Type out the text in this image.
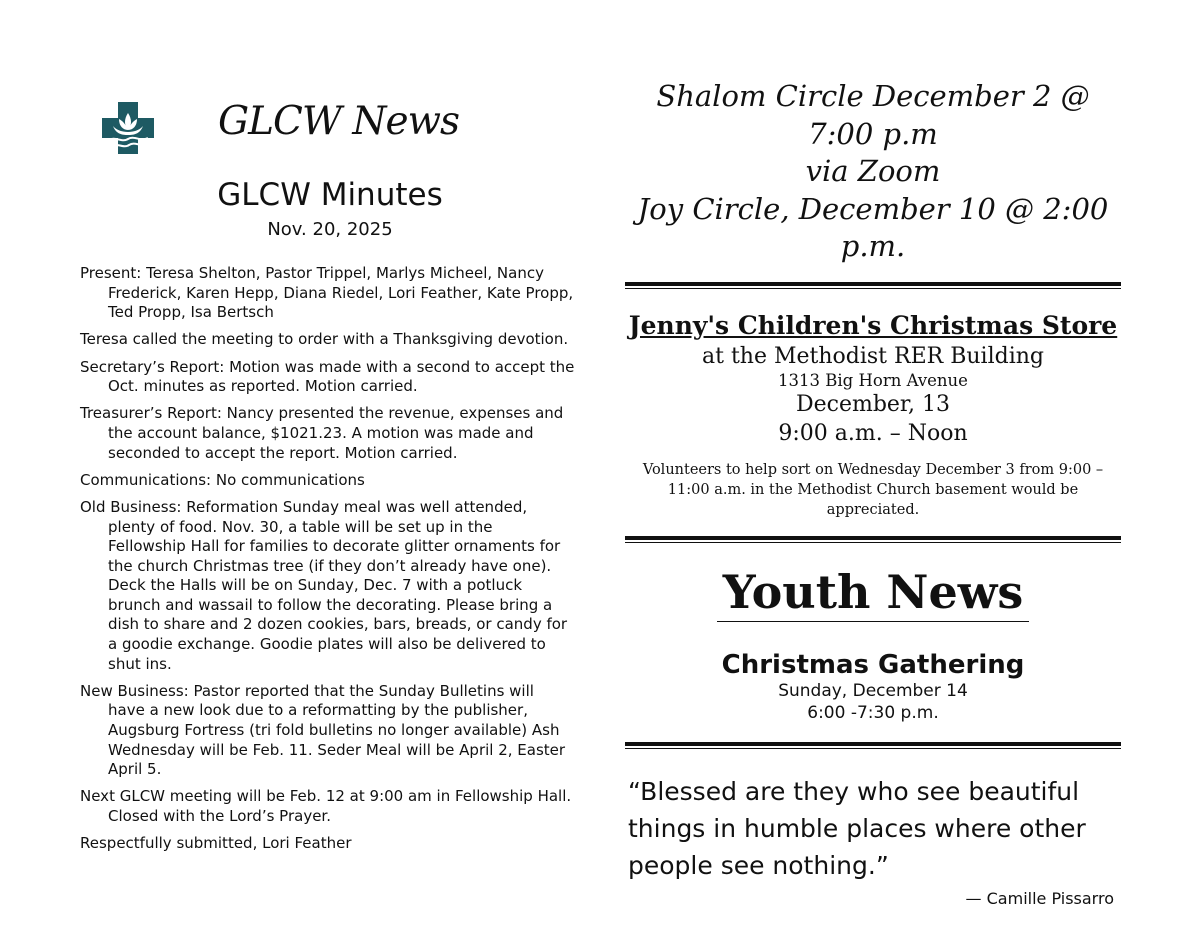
GLCW News
GLCW Minutes
Nov. 20, 2025

Present: Teresa Shelton, Pastor Trippel, Marlys Micheel, Nancy Frederick, Karen Hepp, Diana Riedel, Lori Feather, Kate Propp, Ted Propp, Isa Bertsch

Teresa called the meeting to order with a Thanksgiving devotion.

Secretary’s Report: Motion was made with a second to accept the Oct. minutes as reported. Motion carried.

Treasurer’s Report: Nancy presented the revenue, expenses and the account balance, $1021.23. A motion was made and seconded to accept the report. Motion carried.

Communications: No communications

Old Business: Reformation Sunday meal was well attended, plenty of food. Nov. 30, a table will be set up in the Fellowship Hall for families to decorate glitter ornaments for the church Christmas tree (if they don’t already have one). Deck the Halls will be on Sunday, Dec. 7 with a potluck brunch and wassail to follow the decorating. Please bring a dish to share and 2 dozen cookies, bars, breads, or candy for a goodie exchange. Goodie plates will also be delivered to shut ins.

New Business: Pastor reported that the Sunday Bulletins will have a new look due to a reformatting by the publisher, Augsburg Fortress (tri fold bulletins no longer available) Ash Wednesday will be Feb. 11. Seder Meal will be April 2, Easter April 5.

Next GLCW meeting will be Feb. 12 at 9:00 am in Fellowship Hall. Closed with the Lord’s Prayer.

Respectfully submitted, Lori Feather

Shalom Circle December 2 @ 7:00 p.m
via Zoom
Joy Circle, December 10 @ 2:00 p.m.
Jenny's Children's Christmas Store
at the Methodist RER Building
1313 Big Horn Avenue
December, 13
9:00 a.m. – Noon
Volunteers to help sort on Wednesday December 3 from 9:00 – 11:00 a.m. in the Methodist Church basement would be appreciated.
Youth News
Christmas Gathering
Sunday, December 14
6:00 -7:30 p.m.
“Blessed are they who see beautiful things in humble places where other people see nothing.”
— Camille Pissarro
